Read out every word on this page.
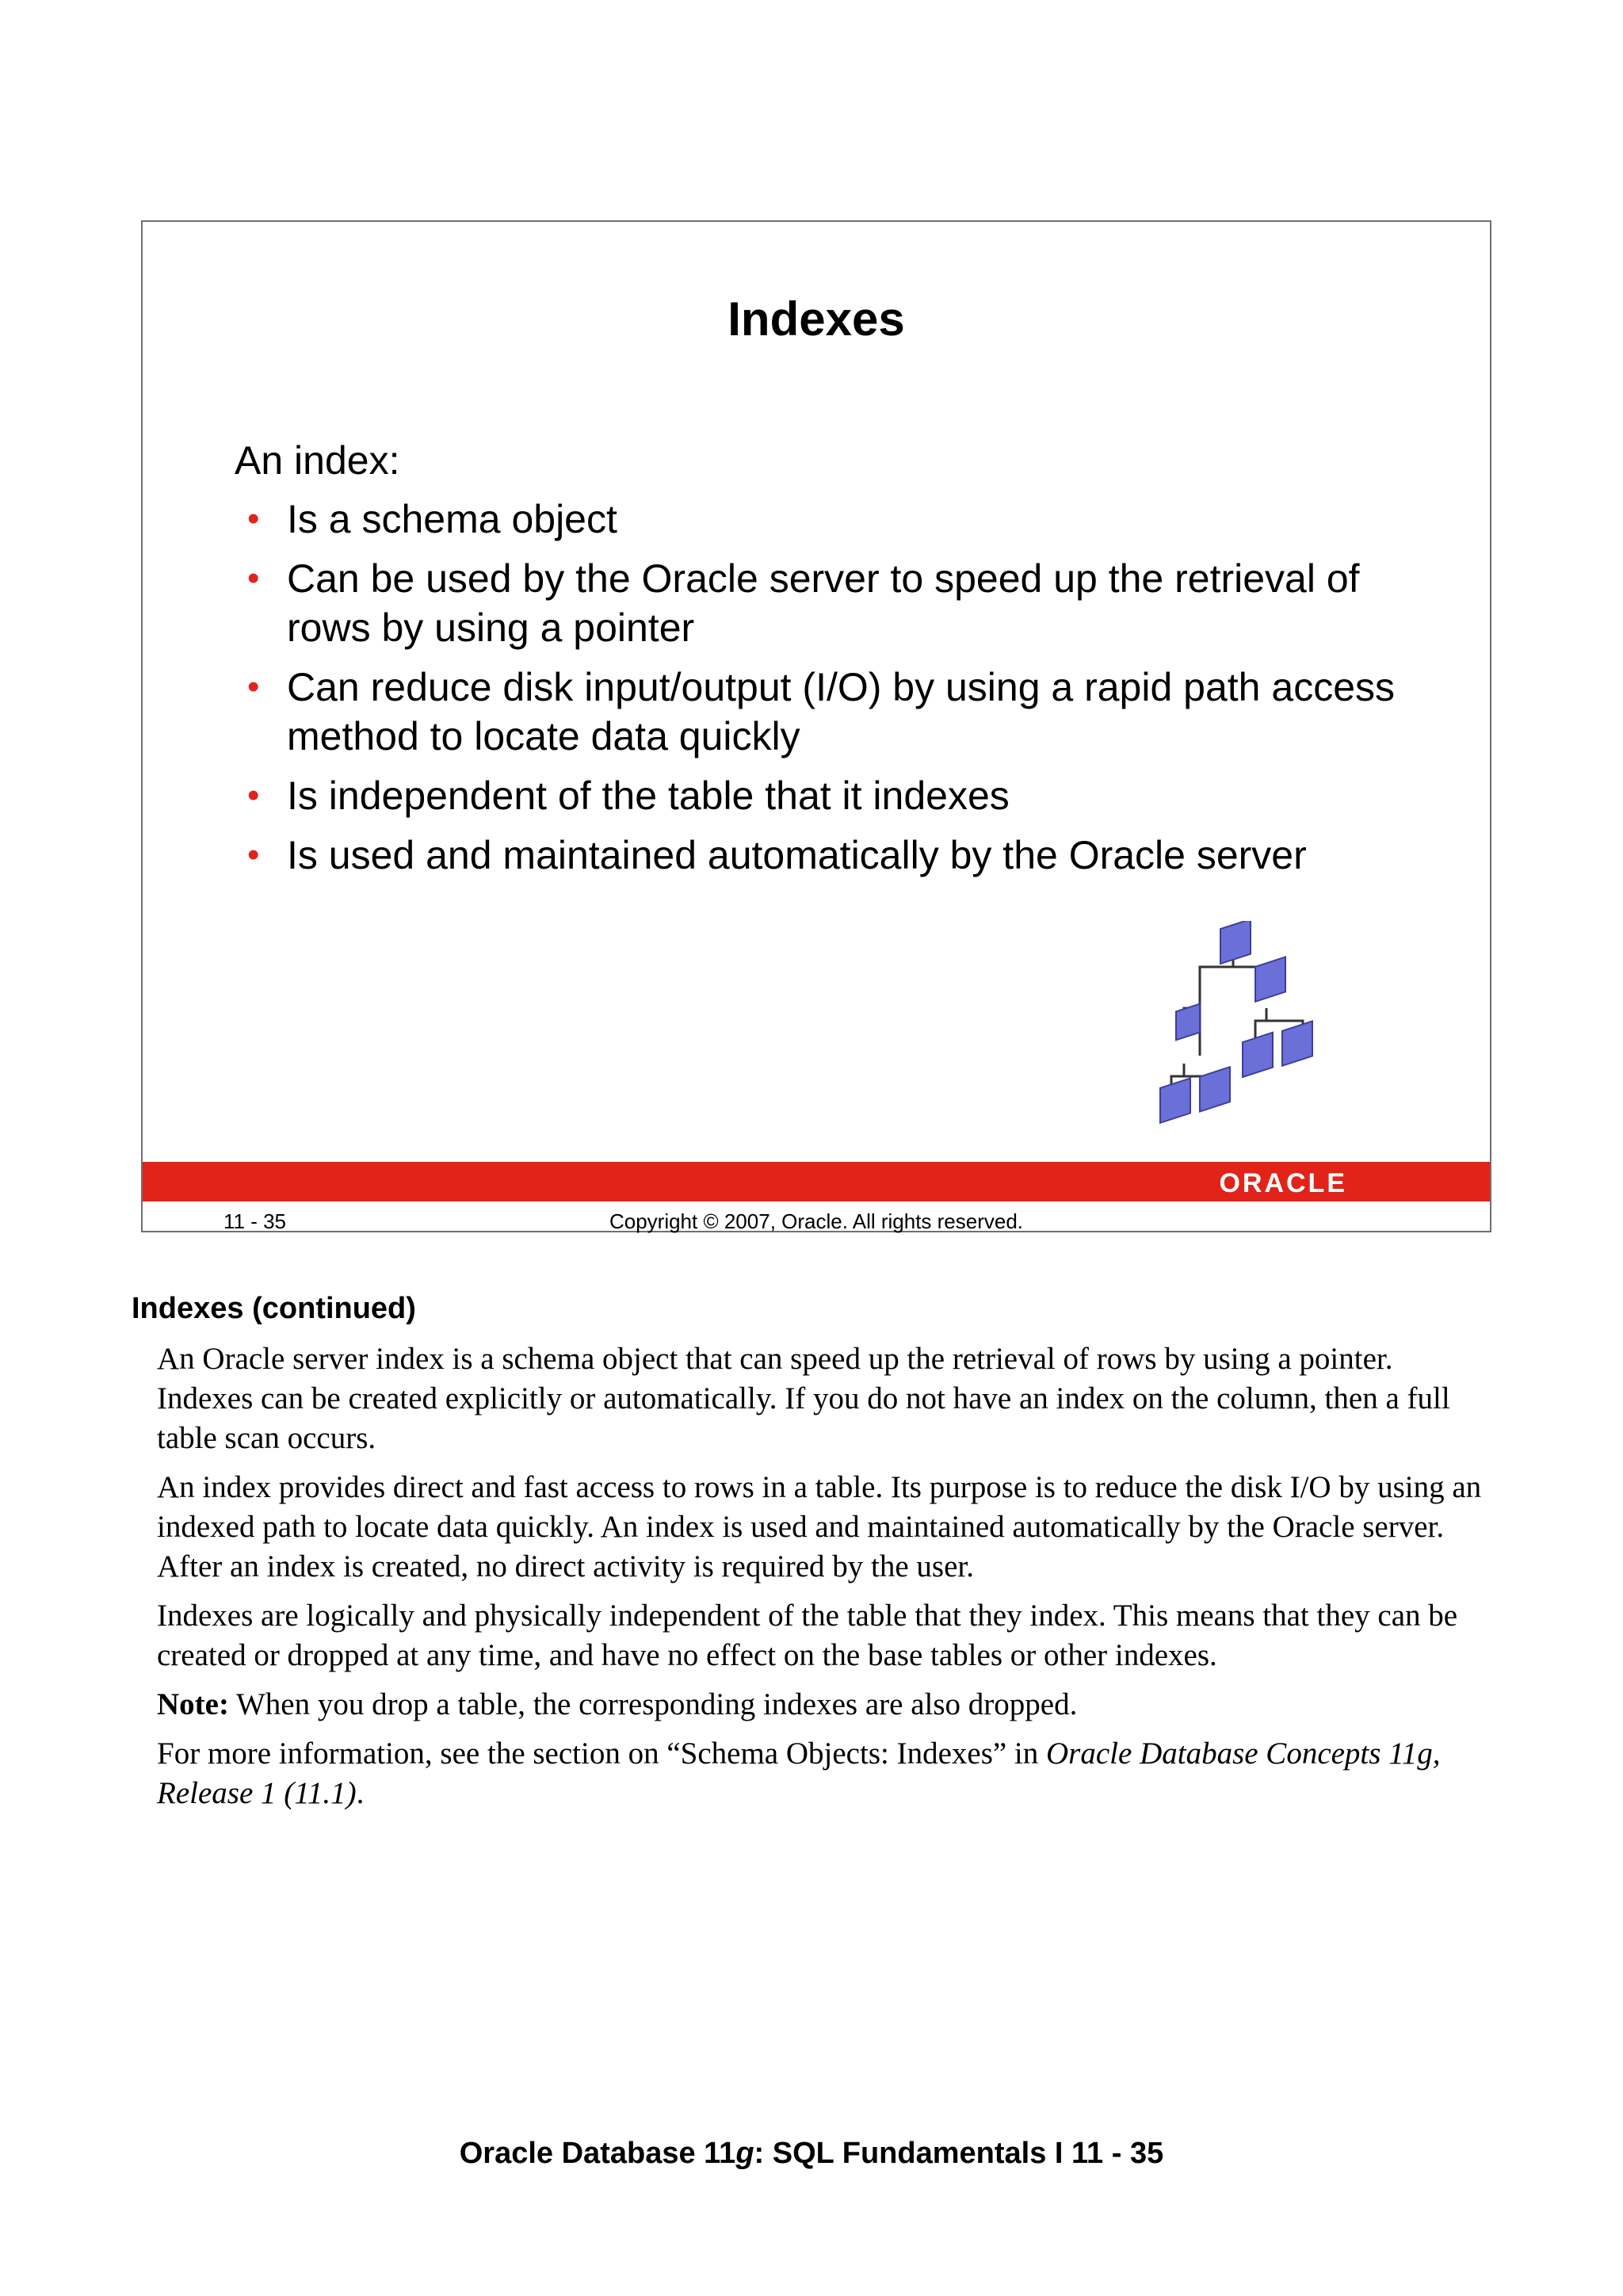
Indexes
An index:
• Is a schema object
• Can be used by the Oracle server to speed up the retrieval of rows by using a pointer
• Can reduce disk input/output (I/O) by using a rapid path access method to locate data quickly
• Is independent of the table that it indexes
• Is used and maintained automatically by the Oracle server
ORACLE
11 - 35	Copyright © 2007, Oracle. All rights reserved.
Indexes (continued)

An Oracle server index is a schema object that can speed up the retrieval of rows by using a pointer. Indexes can be created explicitly or automatically. If you do not have an index on the column, then a full table scan occurs.

An index provides direct and fast access to rows in a table. Its purpose is to reduce the disk I/O by using an indexed path to locate data quickly. An index is used and maintained automatically by the Oracle server. After an index is created, no direct activity is required by the user.

Indexes are logically and physically independent of the table that they index. This means that they can be created or dropped at any time, and have no effect on the base tables or other indexes.

Note: When you drop a table, the corresponding indexes are also dropped.

For more information, see the section on “Schema Objects: Indexes” in Oracle Database Concepts 11g, Release 1 (11.1).

Oracle Database 11g: SQL Fundamentals I 11 - 35
